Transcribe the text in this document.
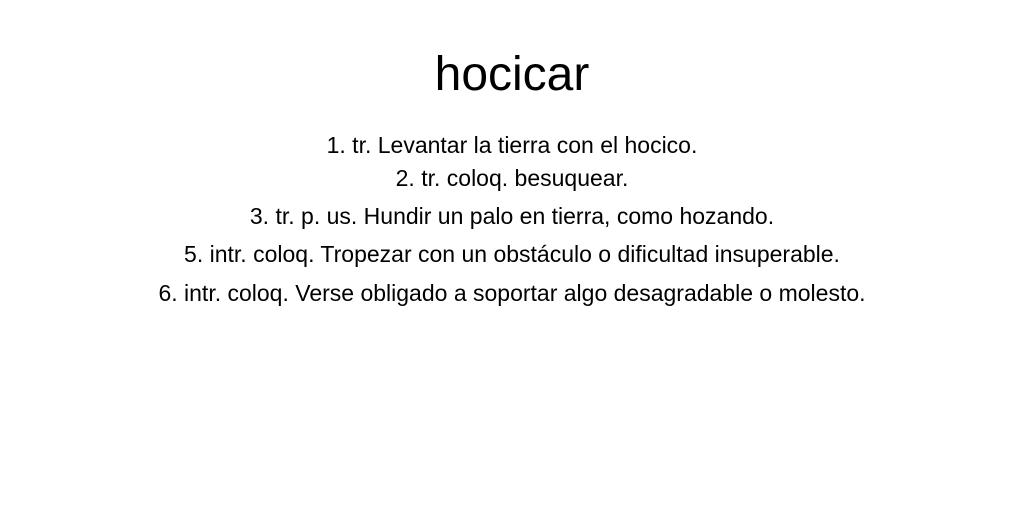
hocicar

1. tr. Levantar la tierra con el hocico.

2. tr. coloq. besuquear.

3. tr. p. us. Hundir un palo en tierra, como hozando.

5. intr. coloq. Tropezar con un obstáculo o dificultad insuperable.

6. intr. coloq. Verse obligado a soportar algo desagradable o molesto.
